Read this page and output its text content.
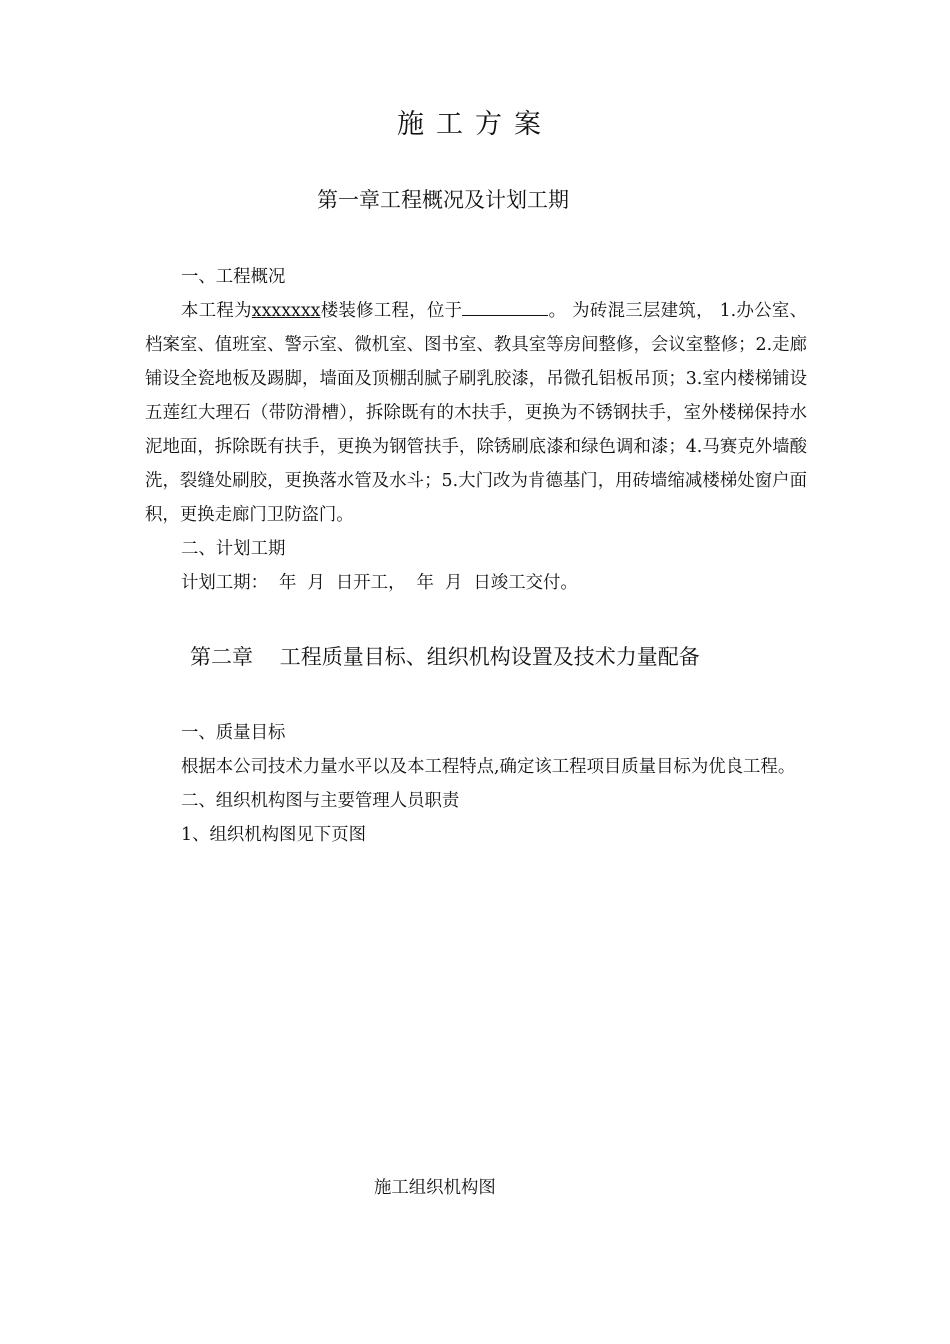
施工方案
第一章工程概况及计划工期

一、工程概况

本工程为xxxxxxx楼装修工程，位于	。 为砖混三层建筑， 1.办公室、档案室、值班室、警示室、微机室、图书室、教具室等房间整修，会议室整修；2.走廊铺设全瓷地板及踢脚，墙面及顶棚刮腻子刷乳胶漆，吊微孔铝板吊顶；3.室内楼梯铺设五莲红大理石（带防滑槽），拆除既有的木扶手，更换为不锈钢扶手，室外楼梯保持水泥地面，拆除既有扶手，更换为钢管扶手，除锈刷底漆和绿色调和漆；4.马赛克外墙酸洗，裂缝处刷胶，更换落水管及水斗；5.大门改为肯德基门，用砖墙缩减楼梯处窗户面积，更换走廊门卫防盗门。

二、计划工期

计划工期：  年  月  日开工，  年  月  日竣工交付。

第二章    工程质量目标、组织机构设置及技术力量配备

一、质量目标

根据本公司技术力量水平以及本工程特点,确定该工程项目质量目标为优良工程。

二、组织机构图与主要管理人员职责

1、组织机构图见下页图

施工组织机构图
